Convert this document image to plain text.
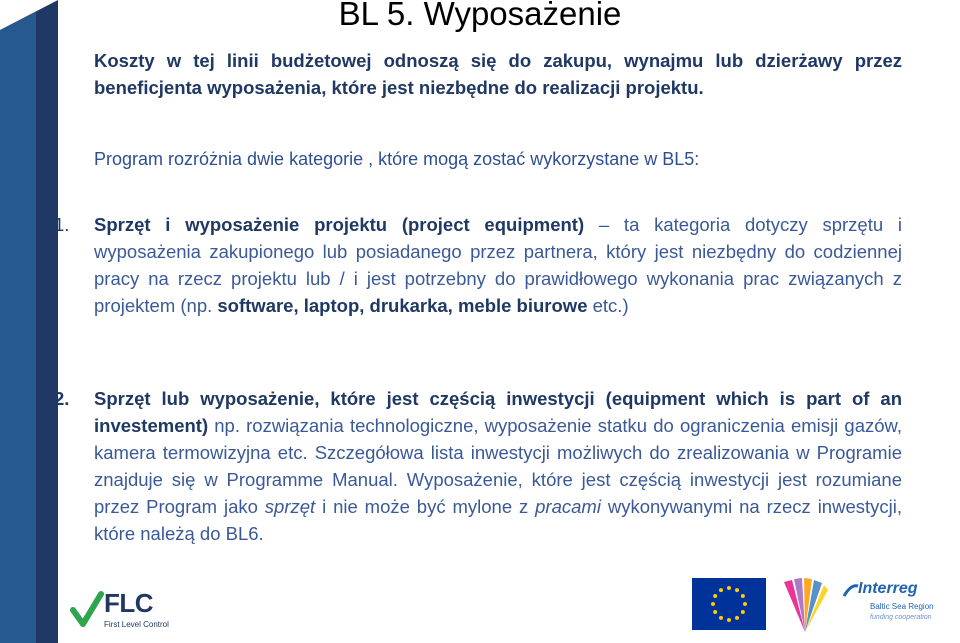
BL 5. Wyposażenie
Koszty w tej linii budżetowej odnoszą się do zakupu, wynajmu lub dzierżawy przez beneficjenta wyposażenia, które jest niezbędne do realizacji projektu.
Program rozróżnia dwie kategorie , które mogą zostać wykorzystane w BL5:
1. Sprzęt i wyposażenie projektu (project equipment) – ta kategoria dotyczy sprzętu i wyposażenia zakupionego lub posiadanego przez partnera, który jest niezbędny do codziennej pracy na rzecz projektu lub / i jest potrzebny do prawidłowego wykonania prac związanych z projektem (np. software, laptop, drukarka, meble biurowe etc.)
2. Sprzęt lub wyposażenie, które jest częścią inwestycji (equipment which is part of an investement) np. rozwiązania technologiczne, wyposażenie statku do ograniczenia emisji gazów, kamera termowizyjna etc. Szczegółowa lista inwestycji możliwych do zrealizowania w Programie znajduje się w Programme Manual. Wyposażenie, które jest częścią inwestycji jest rozumiane przez Program jako sprzęt i nie może być mylone z pracami wykonywanymi na rzecz inwestycji, które należą do BL6.
FLC
First Level Control
Interreg
Baltic Sea Region
funding cooperation
